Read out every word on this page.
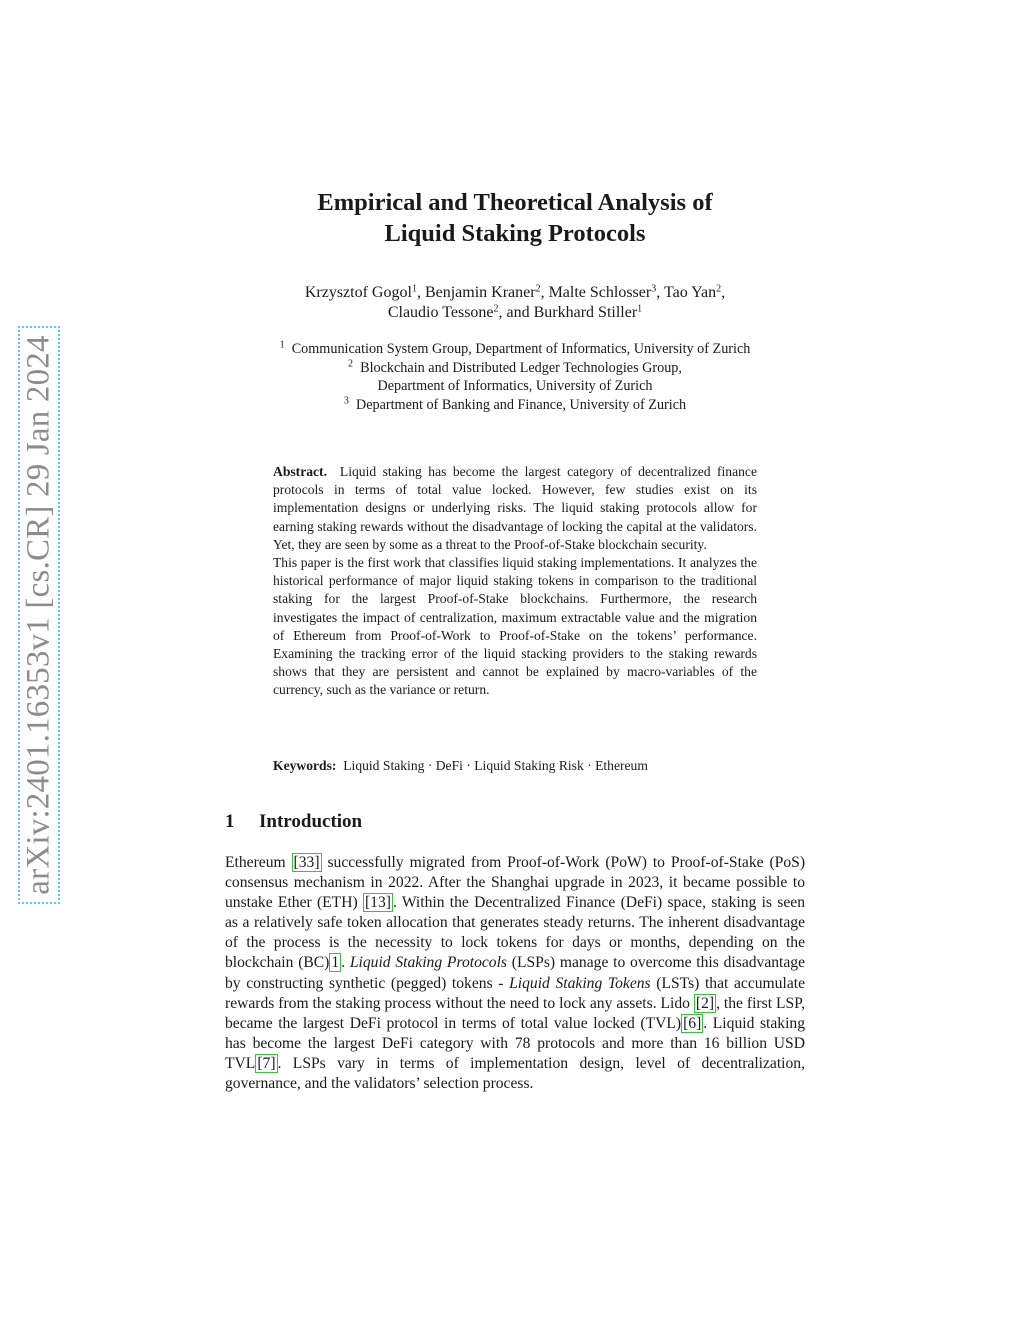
arXiv:2401.16353v1 [cs.CR] 29 Jan 2024
Empirical and Theoretical Analysis of
Liquid Staking Protocols
Krzysztof Gogol$^1$, Benjamin Kraner$^2$, Malte Schlosser$^3$, Tao Yan$^2$,
Claudio Tessone$^2$, and Burkhard Stiller$^1$
$^1$ Communication System Group, Department of Informatics, University of Zurich
$^2$ Blockchain and Distributed Ledger Technologies Group,
Department of Informatics, University of Zurich
$^3$ Department of Banking and Finance, University of Zurich

Abstract. Liquid staking has become the largest category of decentralized finance protocols in terms of total value locked. However, few studies exist on its implementation designs or underlying risks. The liquid staking protocols allow for earning staking rewards without the disadvantage of locking the capital at the validators. Yet, they are seen by some as a threat to the Proof-of-Stake blockchain security.

This paper is the first work that classifies liquid staking implementations. It analyzes the historical performance of major liquid staking tokens in comparison to the traditional staking for the largest Proof-of-Stake blockchains. Furthermore, the research investigates the impact of centralization, maximum extractable value and the migration of Ethereum from Proof-of-Work to Proof-of-Stake on the tokens’ performance. Examining the tracking error of the liquid stacking providers to the staking rewards shows that they are persistent and cannot be explained by macro-variables of the currency, such as the variance or return.

Keywords: Liquid Staking · DeFi · Liquid Staking Risk · Ethereum
1 Introduction

Ethereum [33] successfully migrated from Proof-of-Work (PoW) to Proof-of-Stake (PoS) consensus mechanism in 2022. After the Shanghai upgrade in 2023, it became possible to unstake Ether (ETH) [13] . Within the Decentralized Finance (DeFi) space, staking is seen as a relatively safe token allocation that generates steady returns. The inherent disadvantage of the process is the necessity to lock tokens for days or months, depending on the blockchain (BC) 1 . Liquid Staking Protocols (LSPs) manage to overcome this disadvantage by constructing synthetic (pegged) tokens - Liquid Staking Tokens (LSTs) that accumulate rewards from the staking process without the need to lock any assets. Lido [2] , the first LSP, became the largest DeFi protocol in terms of total value locked (TVL) [6] . Liquid staking has become the largest DeFi category with 78 protocols and more than 16 billion USD TVL [7] . LSPs vary in terms of implementation design, level of decentralization, governance, and the validators’ selection process.
